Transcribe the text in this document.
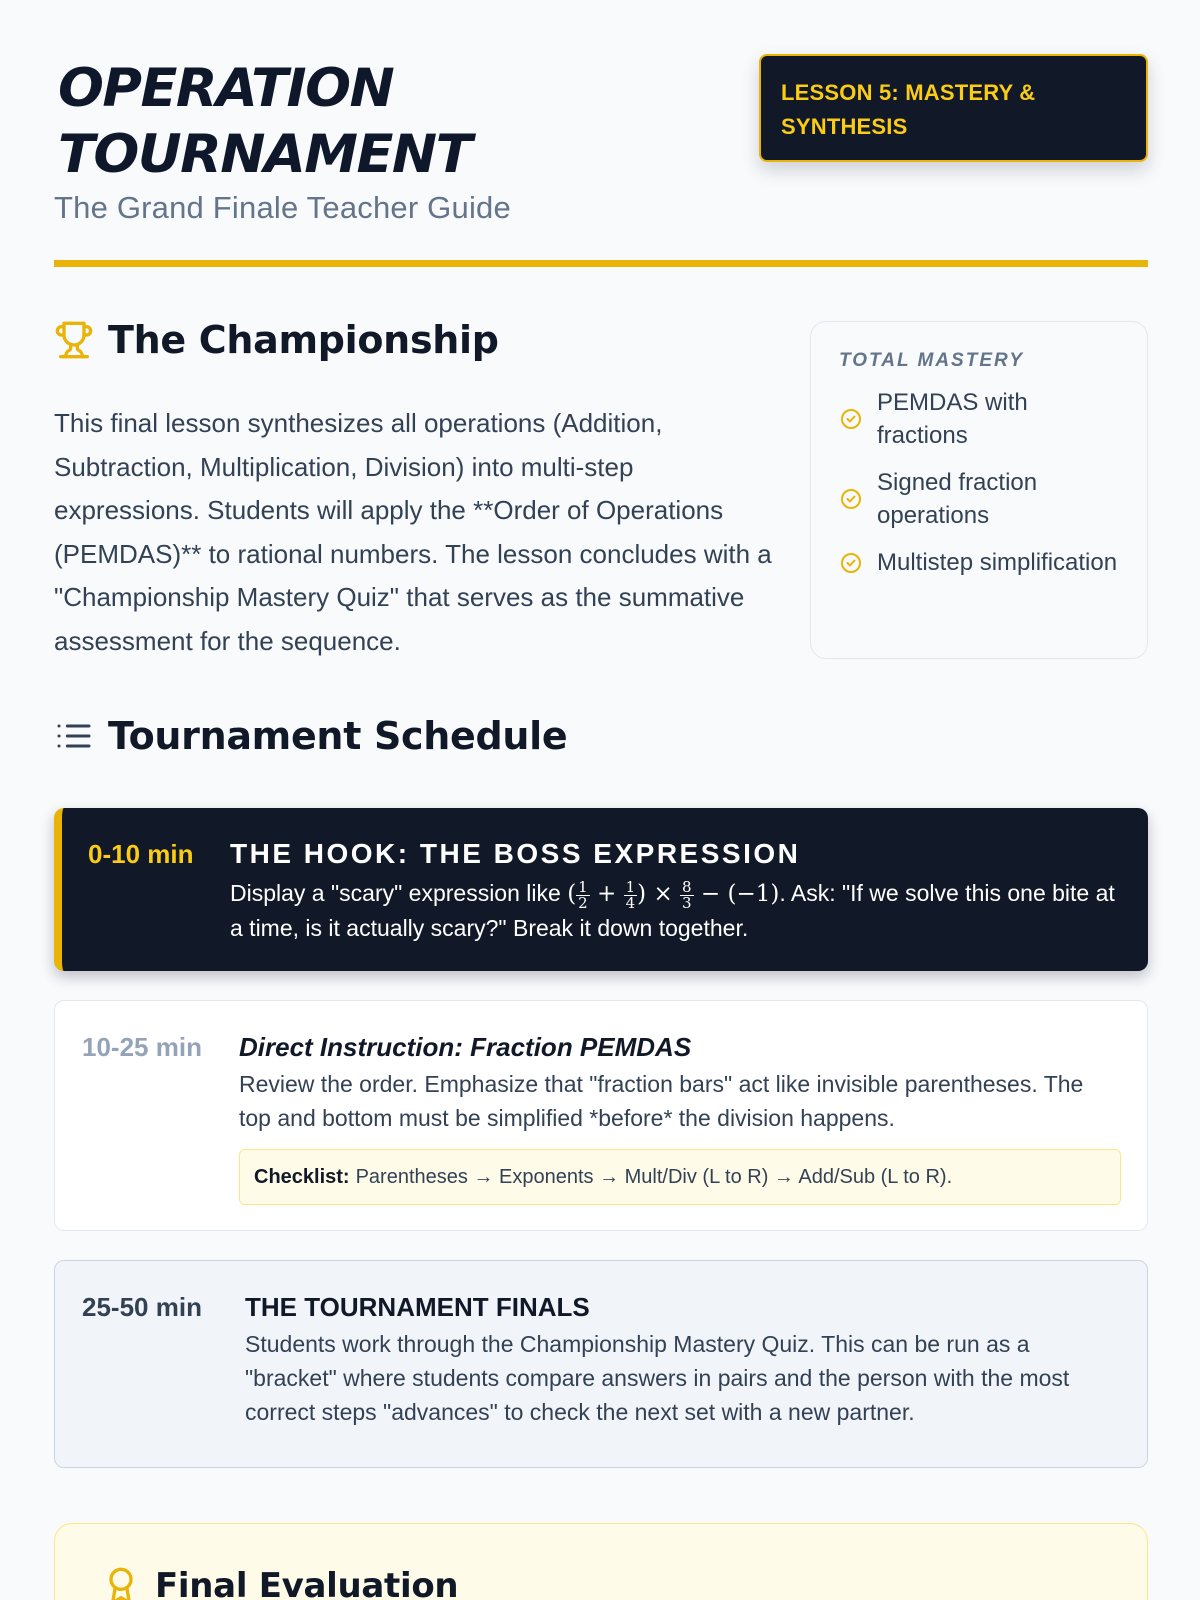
OPERATION
TOURNAMENT
The Grand Finale Teacher Guide
LESSON 5: MASTERY & SYNTHESIS
The Championship

This final lesson synthesizes all operations (Addition, Subtraction, Multiplication, Division) into multi-step expressions. Students will apply the **Order of Operations (PEMDAS)** to rational numbers. The lesson concludes with a "Championship Mastery Quiz" that serves as the summative assessment for the sequence.

TOTAL MASTERY
PEMDAS with fractions
Signed fraction operations
Multistep simplification
Tournament Schedule
0-10 min THE HOOK: THE BOSS EXPRESSION
Display a "scary" expression like ( $\frac{1}{2} + \frac{1}{4}$ ) × $\frac{8}{3} - (-1)$. Ask: "If we solve this one bite at a time, is it actually scary?" Break it down together.
10-25 min Direct Instruction: Fraction PEMDAS
Review the order. Emphasize that "fraction bars" act like invisible parentheses. The top and bottom must be simplified *before* the division happens.
Checklist: Parentheses → Exponents → Mult/Div (L to R) → Add/Sub (L to R).
25-50 min THE TOURNAMENT FINALS
Students work through the Championship Mastery Quiz. This can be run as a "bracket" where students compare answers in pairs and the person with the most correct steps "advances" to check the next set with a new partner.
Final Evaluation
